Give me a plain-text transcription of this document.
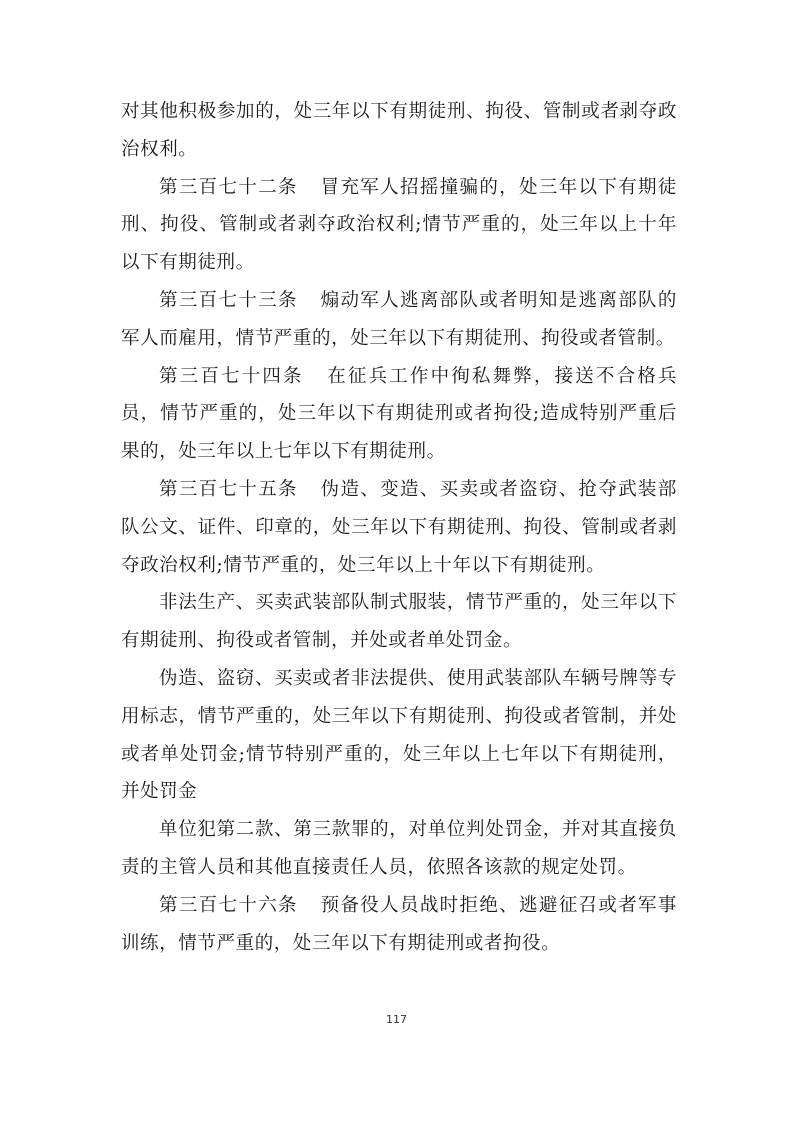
对其他积极参加的，处三年以下有期徒刑、拘役、管制或者剥夺政治权利。

第三百七十二条 冒充军人招摇撞骗的，处三年以下有期徒刑、拘役、管制或者剥夺政治权利;情节严重的，处三年以上十年以下有期徒刑。

第三百七十三条 煽动军人逃离部队或者明知是逃离部队的军人而雇用，情节严重的，处三年以下有期徒刑、拘役或者管制。

第三百七十四条 在征兵工作中徇私舞弊，接送不合格兵员，情节严重的，处三年以下有期徒刑或者拘役;造成特别严重后果的，处三年以上七年以下有期徒刑。

第三百七十五条 伪造、变造、买卖或者盗窃、抢夺武装部队公文、证件、印章的，处三年以下有期徒刑、拘役、管制或者剥夺政治权利;情节严重的，处三年以上十年以下有期徒刑。

非法生产、买卖武装部队制式服装，情节严重的，处三年以下有期徒刑、拘役或者管制，并处或者单处罚金。

伪造、盗窃、买卖或者非法提供、使用武装部队车辆号牌等专用标志，情节严重的，处三年以下有期徒刑、拘役或者管制，并处或者单处罚金;情节特别严重的，处三年以上七年以下有期徒刑，并处罚金

单位犯第二款、第三款罪的，对单位判处罚金，并对其直接负责的主管人员和其他直接责任人员，依照各该款的规定处罚。

第三百七十六条 预备役人员战时拒绝、逃避征召或者军事训练，情节严重的，处三年以下有期徒刑或者拘役。

117
